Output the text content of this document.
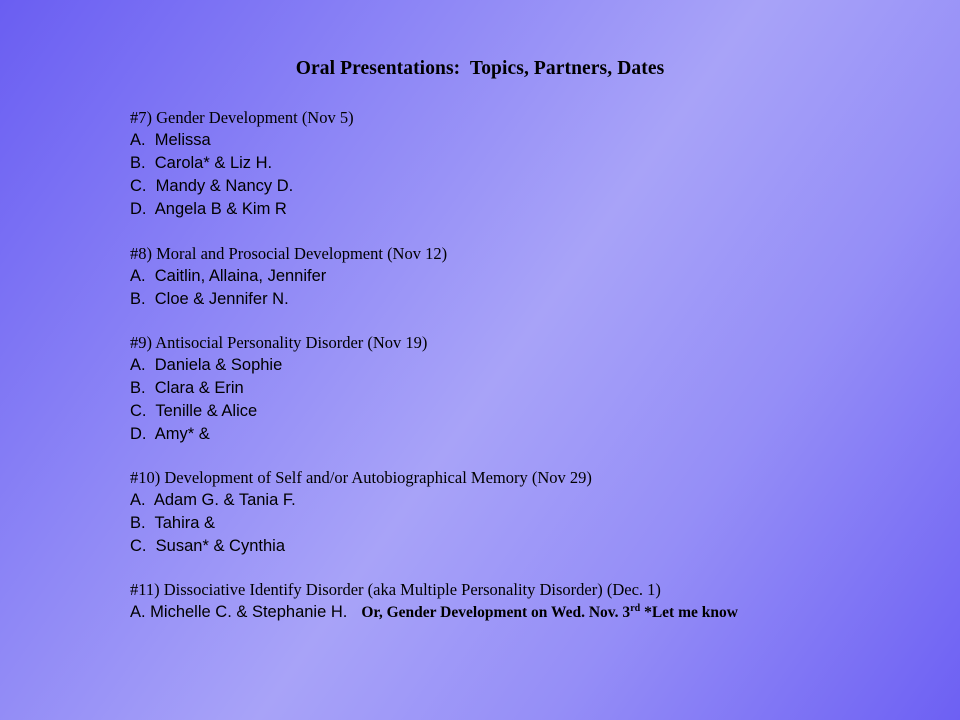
Oral Presentations:  Topics, Partners, Dates
#7) Gender Development (Nov 5)
A.  Melissa
B.  Carola* & Liz H.
C.  Mandy & Nancy D.
D.  Angela B & Kim R
#8) Moral and Prosocial Development (Nov 12)
A.  Caitlin, Allaina, Jennifer
B.  Cloe & Jennifer N.
#9) Antisocial Personality Disorder (Nov 19)
A.  Daniela & Sophie
B.  Clara & Erin
C.  Tenille & Alice
D.  Amy* &
#10) Development of Self and/or Autobiographical Memory (Nov 29)
A.  Adam G. & Tania F.
B.  Tahira &
C.  Susan* & Cynthia
#11) Dissociative Identify Disorder (aka Multiple Personality Disorder) (Dec. 1)
A. Michelle C. & Stephanie H. Or, Gender Development on Wed. Nov. 3rd *Let me know
